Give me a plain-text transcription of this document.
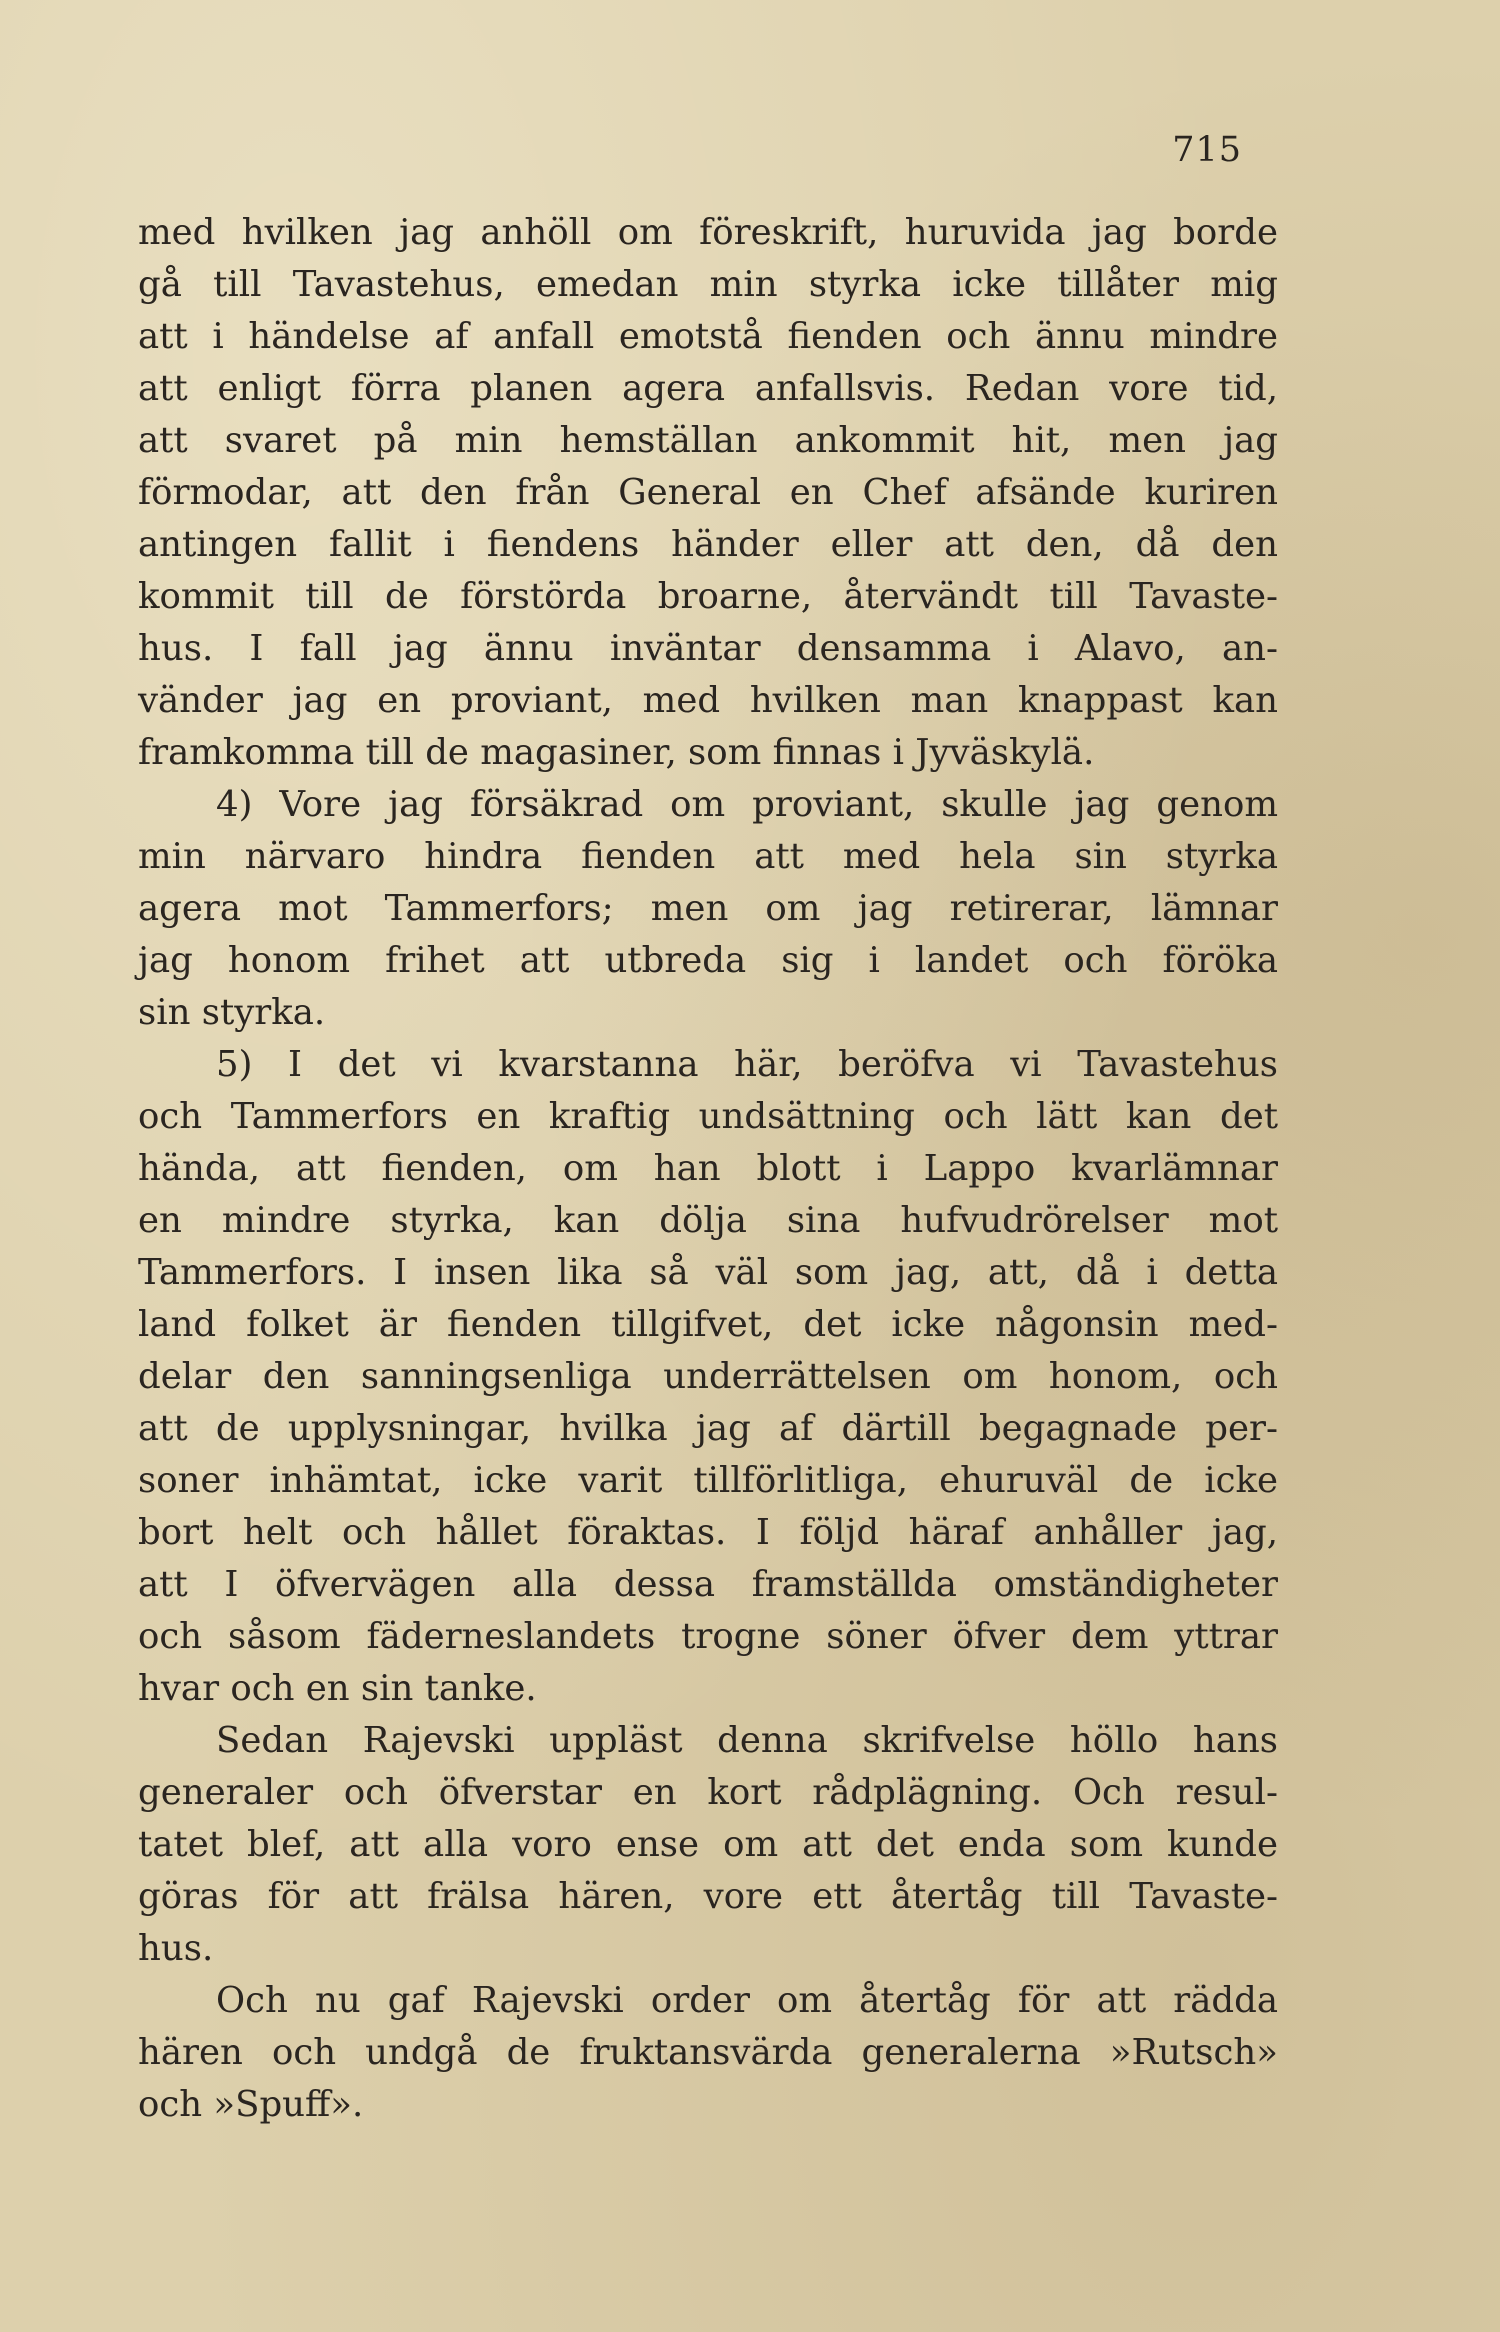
715
med hvilken jag anhöll om föreskrift, huruvida jag borde
gå till Tavastehus, emedan min styrka icke tillåter mig
att i händelse af anfall emotstå fienden och ännu mindre
att enligt förra planen agera anfallsvis. Redan vore tid,
att svaret på min hemställan ankommit hit, men jag
förmodar, att den från General en Chef afsände kuriren
antingen fallit i fiendens händer eller att den, då den
kommit till de förstörda broarne, återvändt till Tavaste-
hus. I fall jag ännu inväntar densamma i Alavo, an-
vänder jag en proviant, med hvilken man knappast kan
framkomma till de magasiner, som finnas i Jyväskylä.
4) Vore jag försäkrad om proviant, skulle jag genom
min närvaro hindra fienden att med hela sin styrka
agera mot Tammerfors; men om jag retirerar, lämnar
jag honom frihet att utbreda sig i landet och föröka
sin styrka.
5) I det vi kvarstanna här, beröfva vi Tavastehus
och Tammerfors en kraftig undsättning och lätt kan det
hända, att fienden, om han blott i Lappo kvarlämnar
en mindre styrka, kan dölja sina hufvudrörelser mot
Tammerfors. I insen lika så väl som jag, att, då i detta
land folket är fienden tillgifvet, det icke någonsin med-
delar den sanningsenliga underrättelsen om honom, och
att de upplysningar, hvilka jag af därtill begagnade per-
soner inhämtat, icke varit tillförlitliga, ehuruväl de icke
bort helt och hållet föraktas. I följd häraf anhåller jag,
att I öfvervägen alla dessa framställda omständigheter
och såsom fäderneslandets trogne söner öfver dem yttrar
hvar och en sin tanke.
Sedan Rajevski uppläst denna skrifvelse höllo hans
generaler och öfverstar en kort rådplägning. Och resul-
tatet blef, att alla voro ense om att det enda som kunde
göras för att frälsa hären, vore ett återtåg till Tavaste-
hus.
Och nu gaf Rajevski order om återtåg för att rädda
hären och undgå de fruktansvärda generalerna »Rutsch»
och »Spuff».
